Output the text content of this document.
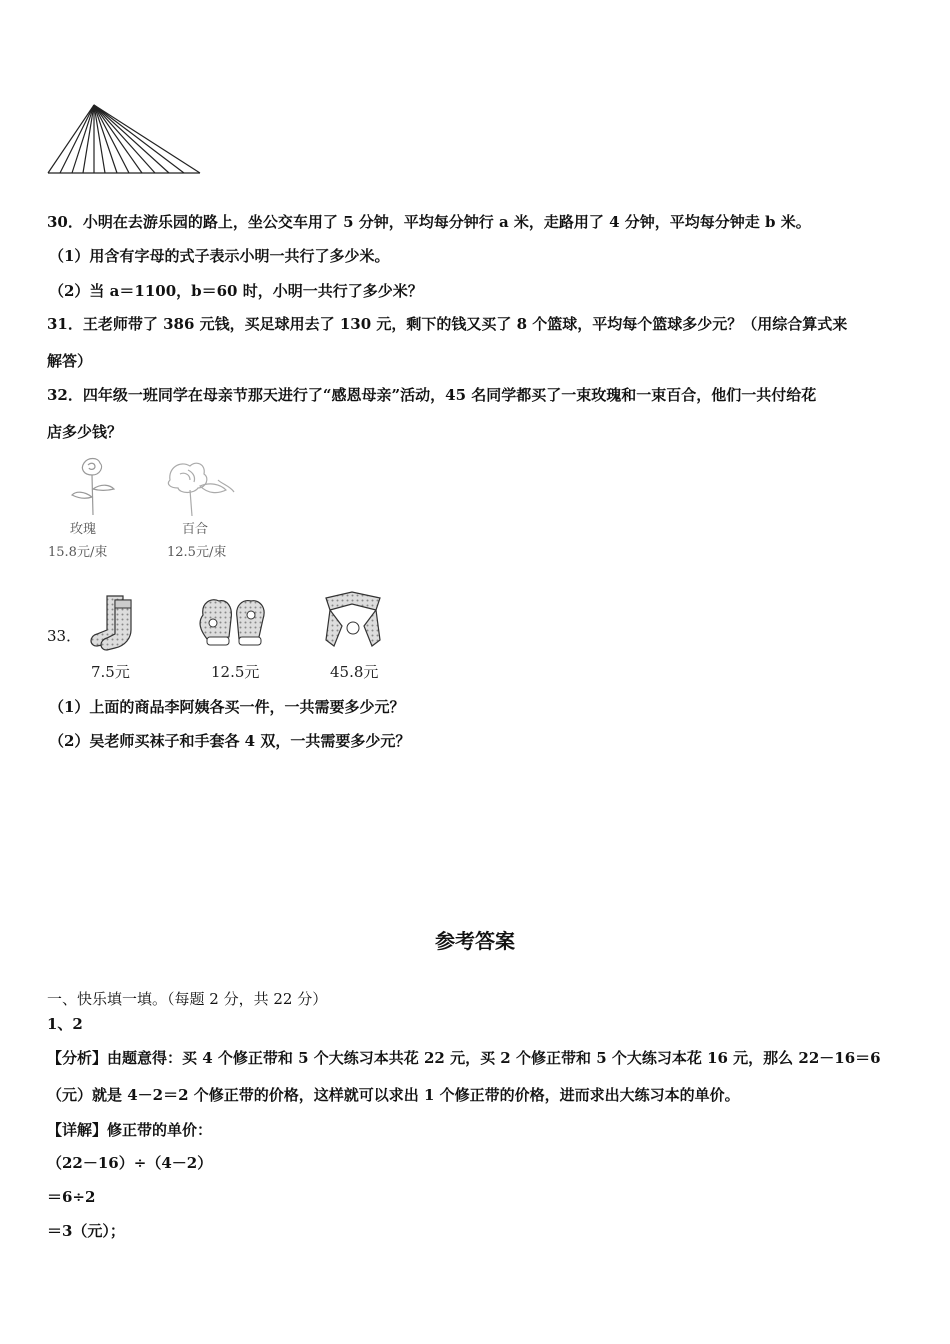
30．小明在去游乐园的路上，坐公交车用了 5 分钟，平均每分钟行 a 米，走路用了 4 分钟，平均每分钟走 b 米。
（1）用含有字母的式子表示小明一共行了多少米。
（2）当 a＝1100，b＝60 时，小明一共行了多少米？
31．王老师带了 386 元钱，买足球用去了 130 元，剩下的钱又买了 8 个篮球，平均每个篮球多少元？（用综合算式来
解答）
32．四年级一班同学在母亲节那天进行了“感恩母亲”活动，45 名同学都买了一束玫瑰和一束百合，他们一共付给花
店多少钱？
玫瑰
15.8元/束
百合
12.5元/束
33．
7.5元	12.5元	45.8元
（1）上面的商品李阿姨各买一件，一共需要多少元？
（2）吴老师买袜子和手套各 4 双，一共需要多少元？
参考答案
一、快乐填一填。（每题 2 分，共 22 分）
1、2
【分析】由题意得：买 4 个修正带和 5 个大练习本共花 22 元，买 2 个修正带和 5 个大练习本花 16 元，那么 22－16＝6
（元）就是 4－2＝2 个修正带的价格，这样就可以求出 1 个修正带的价格，进而求出大练习本的单价。
【详解】修正带的单价：
（22－16）÷（4－2）
＝6÷2
＝3（元）；
